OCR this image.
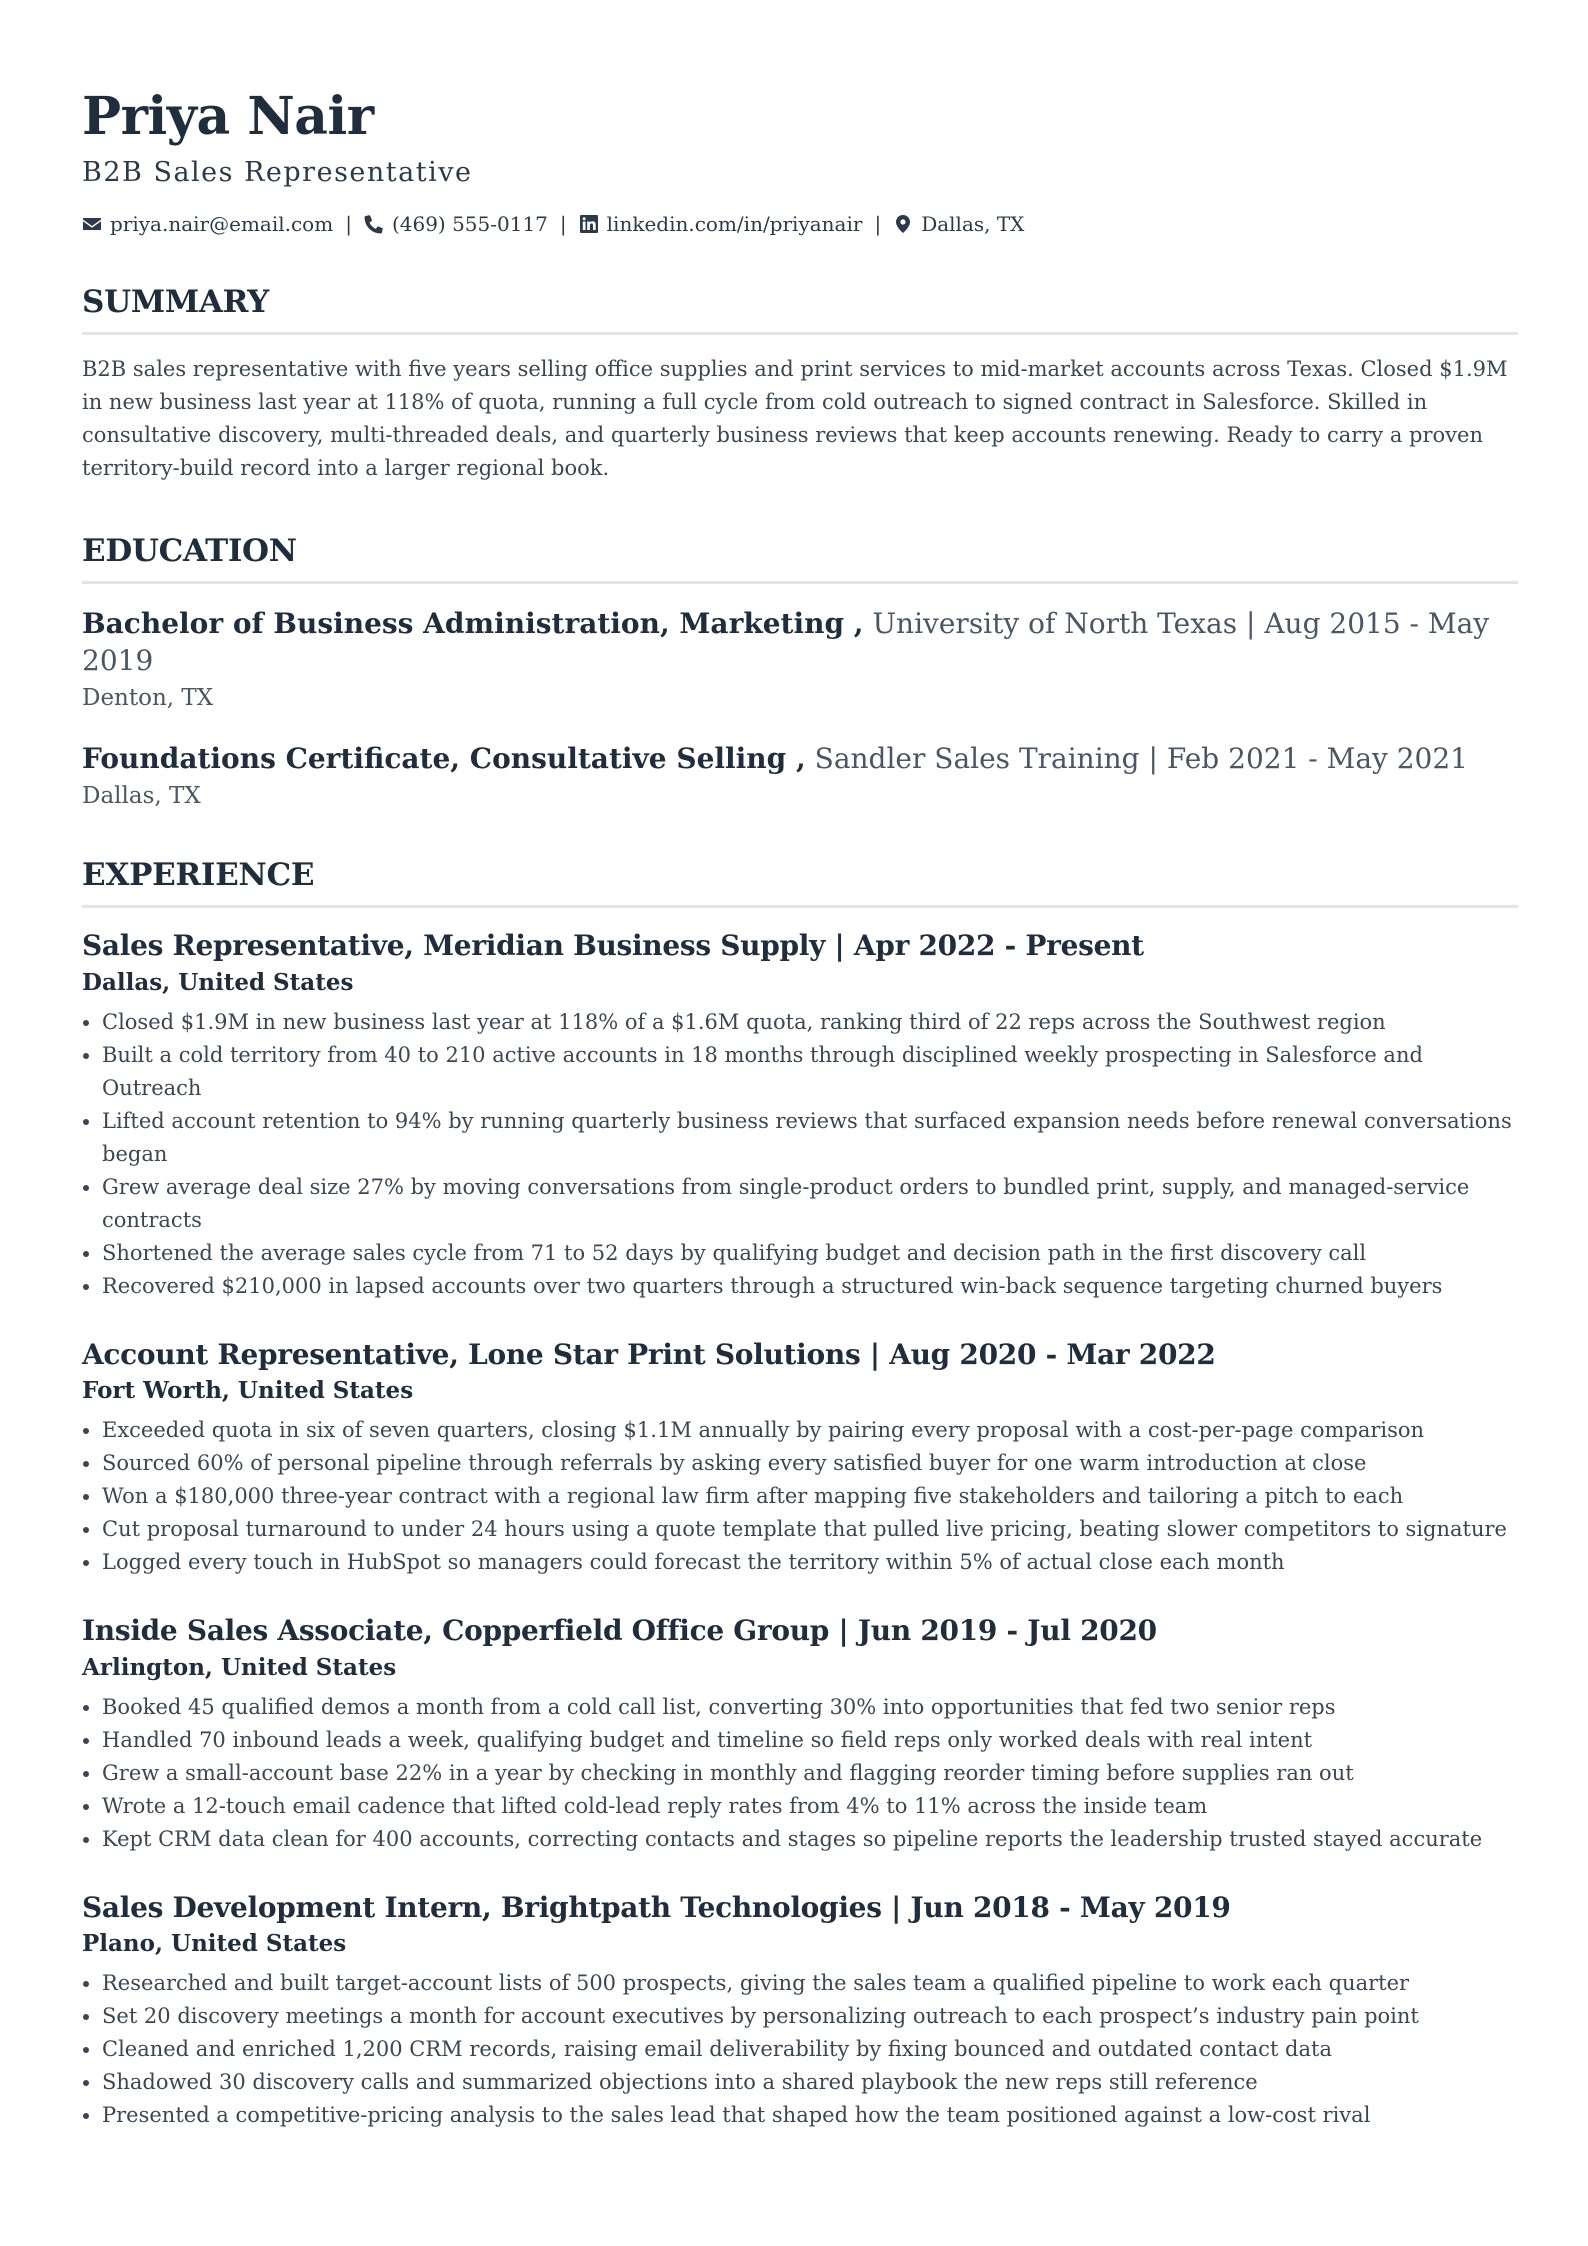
Priya Nair
B2B Sales Representative
priya.nair@email.com | (469) 555-0117 | linkedin.com/in/priyanair | Dallas, TX
SUMMARY
B2B sales representative with five years selling office supplies and print services to mid-market accounts across Texas. Closed $1.9M in new business last year at 118% of quota, running a full cycle from cold outreach to signed contract in Salesforce. Skilled in consultative discovery, multi-threaded deals, and quarterly business reviews that keep accounts renewing. Ready to carry a proven territory-build record into a larger regional book.
EDUCATION
Bachelor of Business Administration, Marketing , University of North Texas | Aug 2015 - May 2019
Denton, TX
Foundations Certificate, Consultative Selling , Sandler Sales Training | Feb 2021 - May 2021
Dallas, TX
EXPERIENCE
Sales Representative, Meridian Business Supply | Apr 2022 - Present
Dallas, United States
• Closed $1.9M in new business last year at 118% of a $1.6M quota, ranking third of 22 reps across the Southwest region
• Built a cold territory from 40 to 210 active accounts in 18 months through disciplined weekly prospecting in Salesforce and Outreach
• Lifted account retention to 94% by running quarterly business reviews that surfaced expansion needs before renewal conversations began
• Grew average deal size 27% by moving conversations from single-product orders to bundled print, supply, and managed-service contracts
• Shortened the average sales cycle from 71 to 52 days by qualifying budget and decision path in the first discovery call
• Recovered $210,000 in lapsed accounts over two quarters through a structured win-back sequence targeting churned buyers
Account Representative, Lone Star Print Solutions | Aug 2020 - Mar 2022
Fort Worth, United States
• Exceeded quota in six of seven quarters, closing $1.1M annually by pairing every proposal with a cost-per-page comparison
• Sourced 60% of personal pipeline through referrals by asking every satisfied buyer for one warm introduction at close
• Won a $180,000 three-year contract with a regional law firm after mapping five stakeholders and tailoring a pitch to each
• Cut proposal turnaround to under 24 hours using a quote template that pulled live pricing, beating slower competitors to signature
• Logged every touch in HubSpot so managers could forecast the territory within 5% of actual close each month
Inside Sales Associate, Copperfield Office Group | Jun 2019 - Jul 2020
Arlington, United States
• Booked 45 qualified demos a month from a cold call list, converting 30% into opportunities that fed two senior reps
• Handled 70 inbound leads a week, qualifying budget and timeline so field reps only worked deals with real intent
• Grew a small-account base 22% in a year by checking in monthly and flagging reorder timing before supplies ran out
• Wrote a 12-touch email cadence that lifted cold-lead reply rates from 4% to 11% across the inside team
• Kept CRM data clean for 400 accounts, correcting contacts and stages so pipeline reports the leadership trusted stayed accurate
Sales Development Intern, Brightpath Technologies | Jun 2018 - May 2019
Plano, United States
• Researched and built target-account lists of 500 prospects, giving the sales team a qualified pipeline to work each quarter
• Set 20 discovery meetings a month for account executives by personalizing outreach to each prospect’s industry pain point
• Cleaned and enriched 1,200 CRM records, raising email deliverability by fixing bounced and outdated contact data
• Shadowed 30 discovery calls and summarized objections into a shared playbook the new reps still reference
• Presented a competitive-pricing analysis to the sales lead that shaped how the team positioned against a low-cost rival
